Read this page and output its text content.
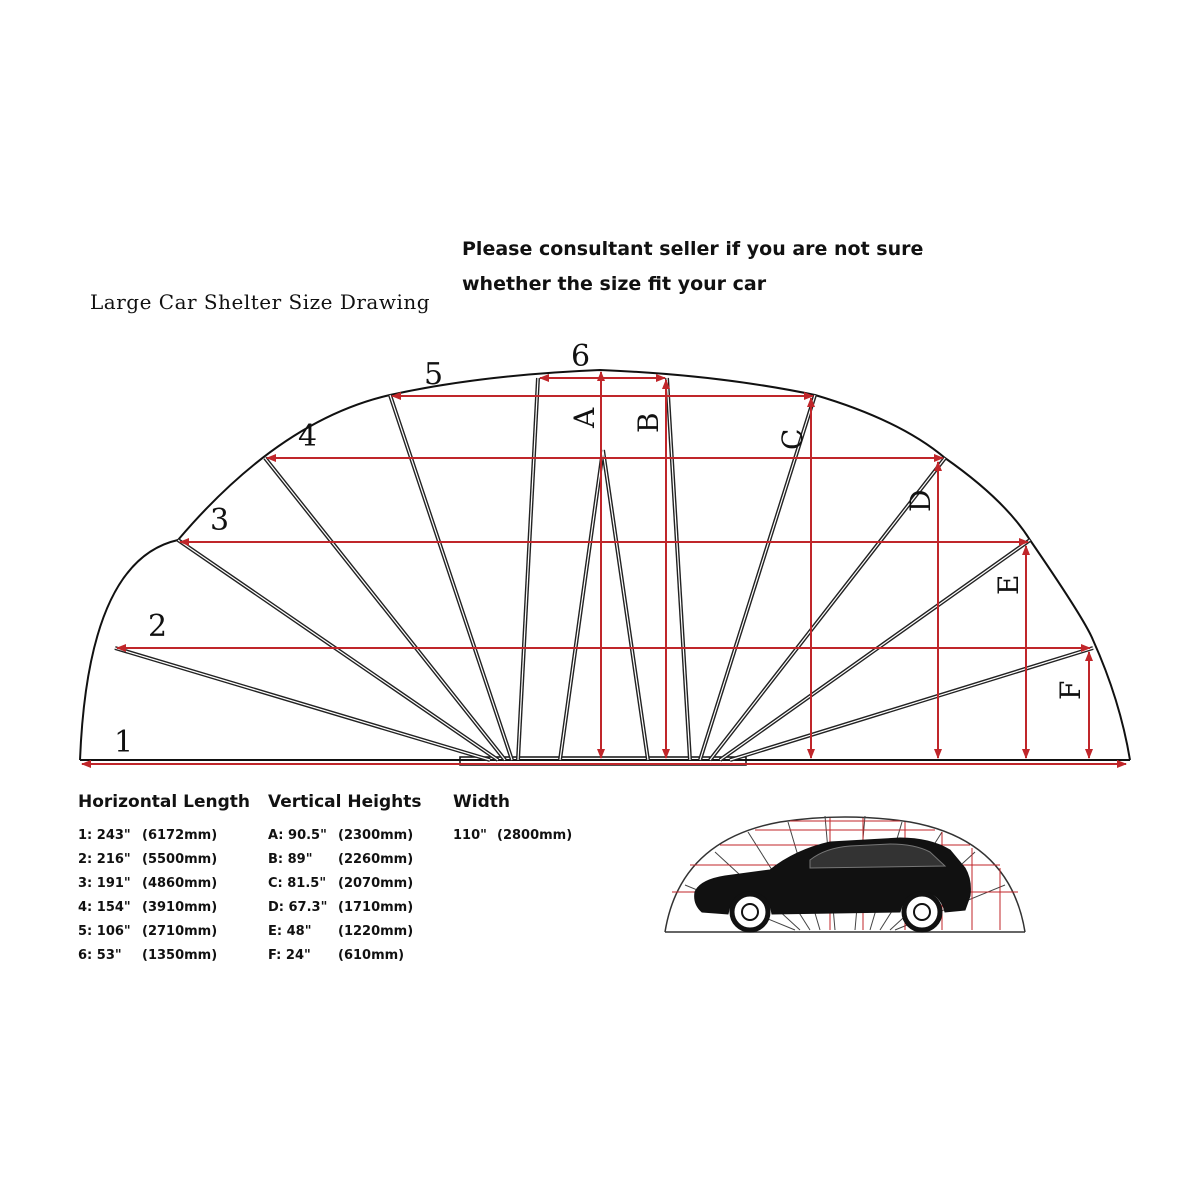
Please consultant seller if you are not sure
whether the size fit your car
Large Car Shelter Size Drawing
1
2
3
4
5
6
A B
C
D
E
F
Horizontal Length
1: 243" (6172mm)
2: 216" (5500mm)
3: 191" (4860mm)
4: 154" (3910mm)
5: 106" (2710mm)
6: 53" (1350mm)
Vertical Heights
A: 90.5" (2300mm)
B: 89" (2260mm)
C: 81.5" (2070mm)
D: 67.3" (1710mm)
E: 48" (1220mm)
F: 24" (610mm)
Width
110" (2800mm)
